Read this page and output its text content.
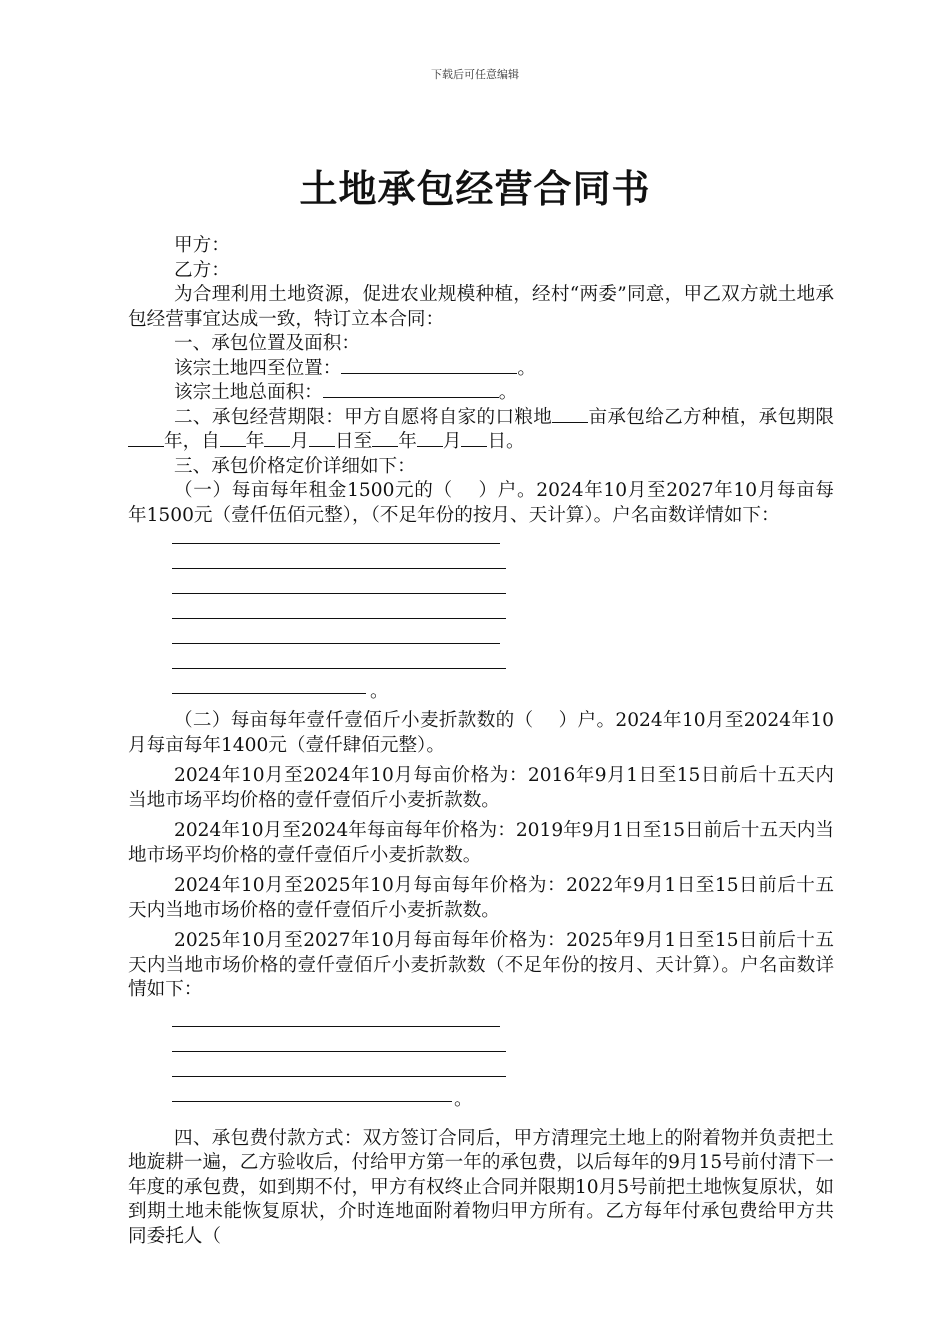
下载后可任意编辑
土地承包经营合同书

甲方：

乙方：

为合理利用土地资源，促进农业规模种植，经村“两委”同意，甲乙双方就土地承包经营事宜达成一致，特订立本合同：

一、承包位置及面积：

该宗土地四至位置：	。

该宗土地总面积：	。

二、承包经营期限：甲方自愿将自家的口粮地 亩承包给乙方种植，承包期限年，自 年 月 日至 年 月 日。

三、承包价格定价详细如下：

（一）每亩每年租金1500元的（　 ）户。2024年10月至2027年10月每亩每年1500元（壹仟伍佰元整），（不足年份的按月、天计算）。户名亩数详情如下：

。

（二）每亩每年壹仟壹佰斤小麦折款数的（　 ）户。2024年10月至2024年10月每亩每年1400元（壹仟肆佰元整）。

2024年10月至2024年10月每亩价格为：2016年9月1日至15日前后十五天内当地市场平均价格的壹仟壹佰斤小麦折款数。

2024年10月至2024年每亩每年价格为：2019年9月1日至15日前后十五天内当地市场平均价格的壹仟壹佰斤小麦折款数。

2024年10月至2025年10月每亩每年价格为：2022年9月1日至15日前后十五天内当地市场价格的壹仟壹佰斤小麦折款数。

2025年10月至2027年10月每亩每年价格为：2025年9月1日至15日前后十五天内当地市场价格的壹仟壹佰斤小麦折款数（不足年份的按月、天计算）。户名亩数详情如下：

。

四、承包费付款方式：双方签订合同后，甲方清理完土地上的附着物并负责把土地旋耕一遍，乙方验收后，付给甲方第一年的承包费，以后每年的9月15号前付清下一年度的承包费，如到期不付，甲方有权终止合同并限期10月5号前把土地恢复原状，如到期土地未能恢复原状，介时连地面附着物归甲方所有。乙方每年付承包费给甲方共同委托人（
